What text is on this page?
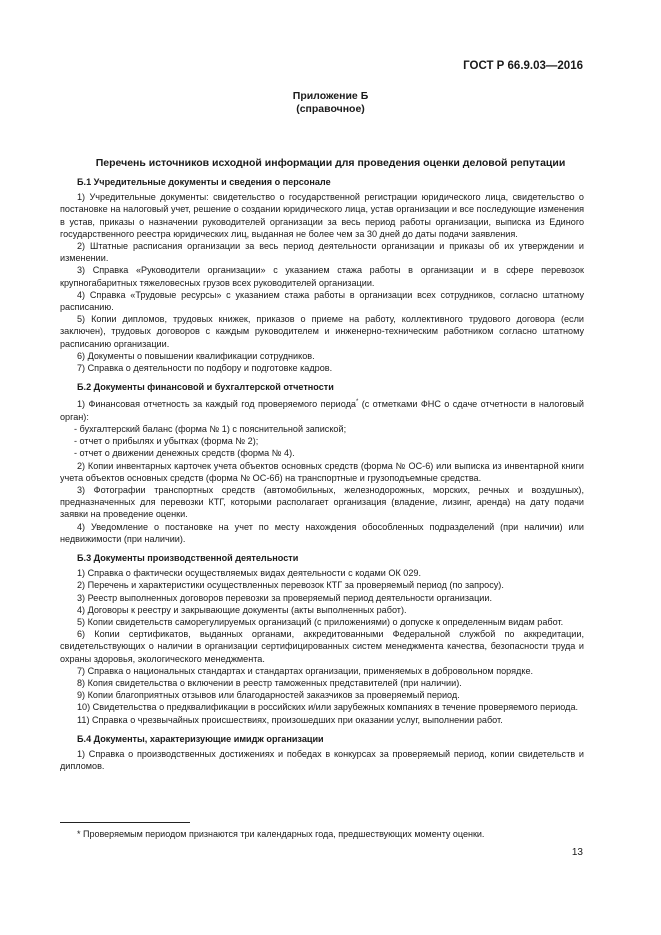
ГОСТ Р 66.9.03—2016
Приложение Б
(справочное)
Перечень источников исходной информации для проведения оценки деловой репутации

Б.1 Учредительные документы и сведения о персонале

1) Учредительные документы: свидетельство о государственной регистрации юридического лица, свидетельство о постановке на налоговый учет, решение о создании юридического лица, устав организации и все последующие изменения в устав, приказы о назначении руководителей организации за весь период работы организации, выписка из Единого государственного реестра юридических лиц, выданная не более чем за 30 дней до даты подачи заявления.

2) Штатные расписания организации за весь период деятельности организации и приказы об их утверждении и изменении.

3) Справка «Руководители организации» с указанием стажа работы в организации и в сфере перевозок крупногабаритных тяжеловесных грузов всех руководителей организации.

4) Справка «Трудовые ресурсы» с указанием стажа работы в организации всех сотрудников, согласно штатному расписанию.

5) Копии дипломов, трудовых книжек, приказов о приеме на работу, коллективного трудового договора (если заключен), трудовых договоров с каждым руководителем и инженерно-техническим работником согласно штатному расписанию организации.

6) Документы о повышении квалификации сотрудников.

7) Справка о деятельности по подбору и подготовке кадров.

Б.2 Документы финансовой и бухгалтерской отчетности

1) Финансовая отчетность за каждый год проверяемого периода* (с отметками ФНС о сдаче отчетности в налоговый орган):

- бухгалтерский баланс (форма № 1) с пояснительной запиской;

- отчет о прибылях и убытках (форма № 2);

- отчет о движении денежных средств (форма № 4).

2) Копии инвентарных карточек учета объектов основных средств (форма № ОС-6) или выписка из инвентарной книги учета объектов основных средств (форма № ОС-6б) на транспортные и грузоподъемные средства.

3) Фотографии транспортных средств (автомобильных, железнодорожных, морских, речных и воздушных), предназначенных для перевозки КТГ, которыми располагает организация (владение, лизинг, аренда) на дату подачи заявки на проведение оценки.

4) Уведомление о постановке на учет по месту нахождения обособленных подразделений (при наличии) или недвижимости (при наличии).

Б.3 Документы производственной деятельности

1) Справка о фактически осуществляемых видах деятельности с кодами ОК 029.

2) Перечень и характеристики осуществленных перевозок КТГ за проверяемый период (по запросу).

3) Реестр выполненных договоров перевозки за проверяемый период деятельности организации.

4) Договоры к реестру и закрывающие документы (акты выполненных работ).

5) Копии свидетельств саморегулируемых организаций (с приложениями) о допуске к определенным видам работ.

6) Копии сертификатов, выданных органами, аккредитованными Федеральной службой по аккредитации, свидетельствующих о наличии в организации сертифицированных систем менеджмента качества, безопасности труда и охраны здоровья, экологического менеджмента.

7) Справка о национальных стандартах и стандартах организации, применяемых в добровольном порядке.

8) Копия свидетельства о включении в реестр таможенных представителей (при наличии).

9) Копии благоприятных отзывов или благодарностей заказчиков за проверяемый период.

10) Свидетельства о предквалификации в российских и/или зарубежных компаниях в течение проверяемого периода.

11) Справка о чрезвычайных происшествиях, произошедших при оказании услуг, выполнении работ.

Б.4 Документы, характеризующие имидж организации

1) Справка о производственных достижениях и победах в конкурсах за проверяемый период, копии свидетельств и дипломов.

* Проверяемым периодом признаются три календарных года, предшествующих моменту оценки.
13
